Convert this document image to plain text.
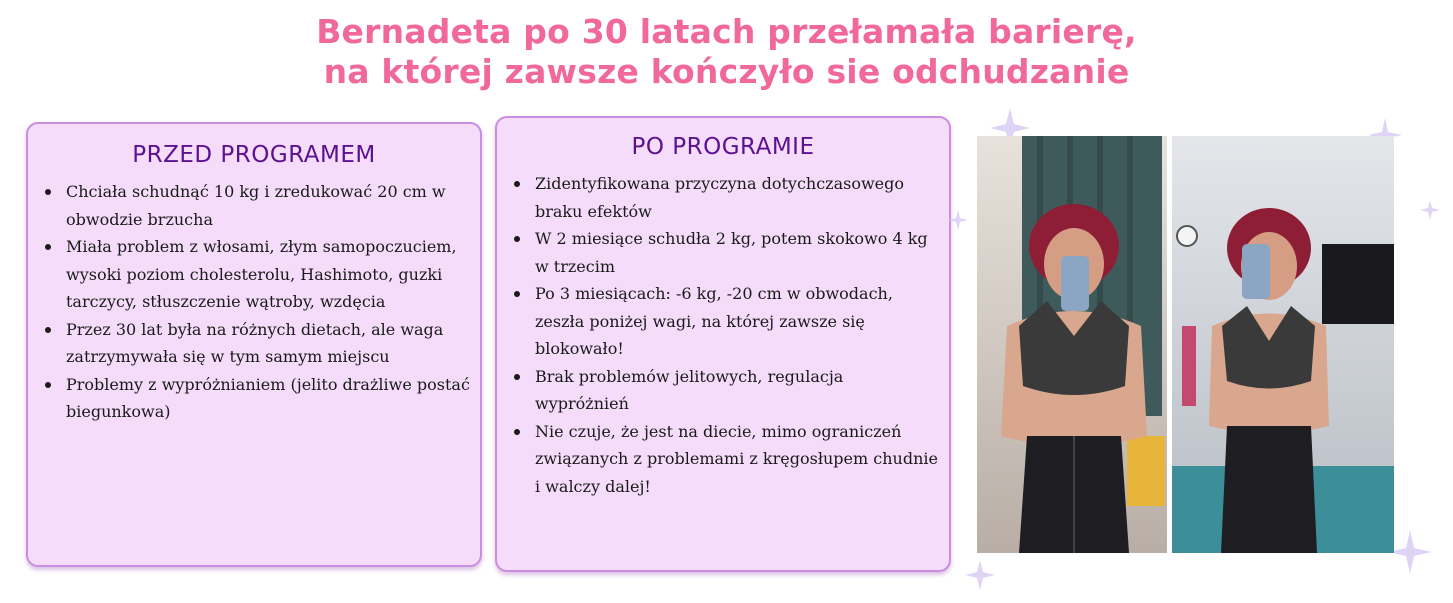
Bernadeta po 30 latach przełamała barierę,
na której zawsze kończyło sie odchudzanie
PRZED PROGRAMEM
Chciała schudnąć 10 kg i zredukować 20 cm w obwodzie brzucha
Miała problem z włosami, złym samopoczuciem, wysoki poziom cholesterolu, Hashimoto, guzki tarczycy, stłuszczenie wątroby, wzdęcia
Przez 30 lat była na różnych dietach, ale waga zatrzymywała się w tym samym miejscu
Problemy z wypróżnianiem (jelito drażliwe postać biegunkowa)
PO PROGRAMIE
Zidentyfikowana przyczyna dotychczasowego braku efektów
W 2 miesiące schudła 2 kg, potem skokowo 4 kg w trzecim
Po 3 miesiącach: -6 kg, -20 cm w obwodach, zeszła poniżej wagi, na której zawsze się blokowało!
Brak problemów jelitowych, regulacja wypróżnień
Nie czuje, że jest na diecie, mimo ograniczeń związanych z problemami z kręgosłupem chudnie i walczy dalej!
